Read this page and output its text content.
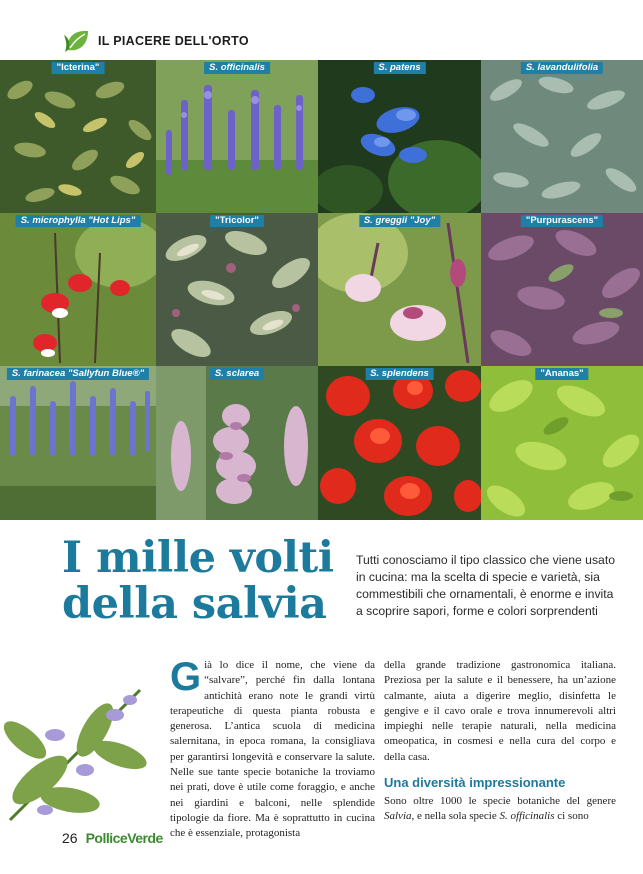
IL PIACERE DELL'ORTO
"Icterina"	S. officinalis	S. patens	S. lavandulifolia
S. microphylla "Hot Lips"	"Tricolor"	S. greggii "Joy"	"Purpurascens"
S. farinacea "Sallyfun Blue®"	S. sclarea	S. splendens	"Ananas"
I mille volti
della salvia

Tutti conosciamo il tipo classico che viene usato in cucina: ma la scelta di specie e varietà, sia commestibili che ornamentali, è enorme e invita a scoprire sapori, forme e colori sorprendenti

Già lo dice il nome, che viene da “salvare”, perché fin dalla lontana antichità erano note le grandi virtù terapeutiche di questa pianta robusta e generosa. L’antica scuola di medicina salernitana, in epoca romana, la consigliava per garantirsi longevità e conservare la salute. Nelle sue tante specie botaniche la troviamo nei prati, dove è utile come foraggio, e anche nei giardini e balconi, nelle splendide tipologie da fiore. Ma è soprattutto in cucina che è essenziale, protagonista

della grande tradizione gastronomica italiana. Preziosa per la salute e il benessere, ha un’azione calmante, aiuta a digerire meglio, disinfetta le gengive e il cavo orale e trova innumerevoli altri impieghi nelle terapie naturali, nella medicina omeopatica, in cosmesi e nella cura del corpo e della casa.

Una diversità impressionante

Sono oltre 1000 le specie botaniche del genere Salvia, e nella sola specie S. officinalis ci sono

26 PolliceVerde
